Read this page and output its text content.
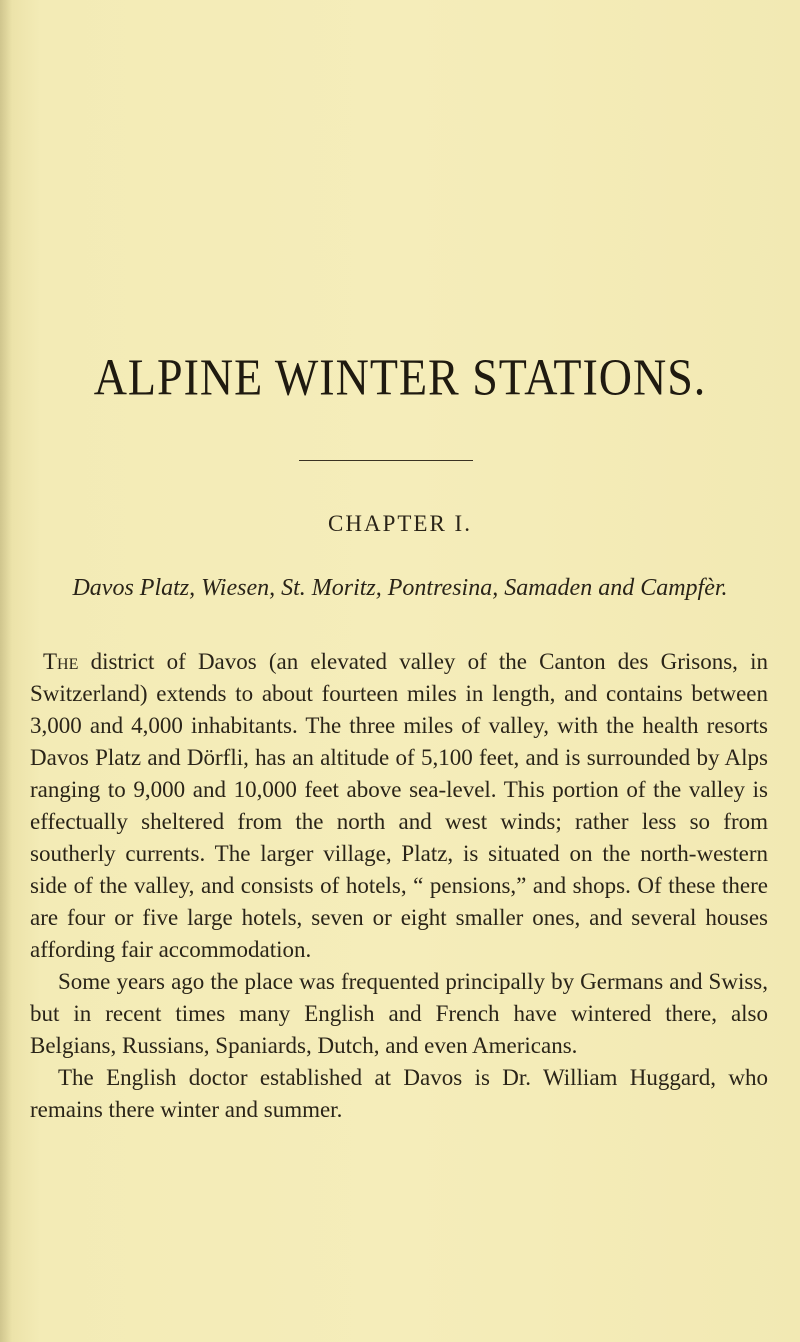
ALPINE WINTER STATIONS.
CHAPTER I.
Davos Platz, Wiesen, St. Moritz, Pontresina, Samaden and Campfèr.

The district of Davos (an elevated valley of the Canton des Grisons, in Switzerland) extends to about fourteen miles in length, and contains between 3,000 and 4,000 inhabitants. The three miles of valley, with the health resorts Davos Platz and Dörfli, has an altitude of 5,100 feet, and is surrounded by Alps ranging to 9,000 and 10,000 feet above sea-level. This portion of the valley is effectually sheltered from the north and west winds; rather less so from southerly currents. The larger village, Platz, is situated on the north-western side of the valley, and consists of hotels, “ pensions,” and shops. Of these there are four or five large hotels, seven or eight smaller ones, and several houses affording fair accommodation.

Some years ago the place was frequented principally by Germans and Swiss, but in recent times many English and French have wintered there, also Belgians, Russians, Spaniards, Dutch, and even Americans.

The English doctor established at Davos is Dr. William Huggard, who remains there winter and summer.
